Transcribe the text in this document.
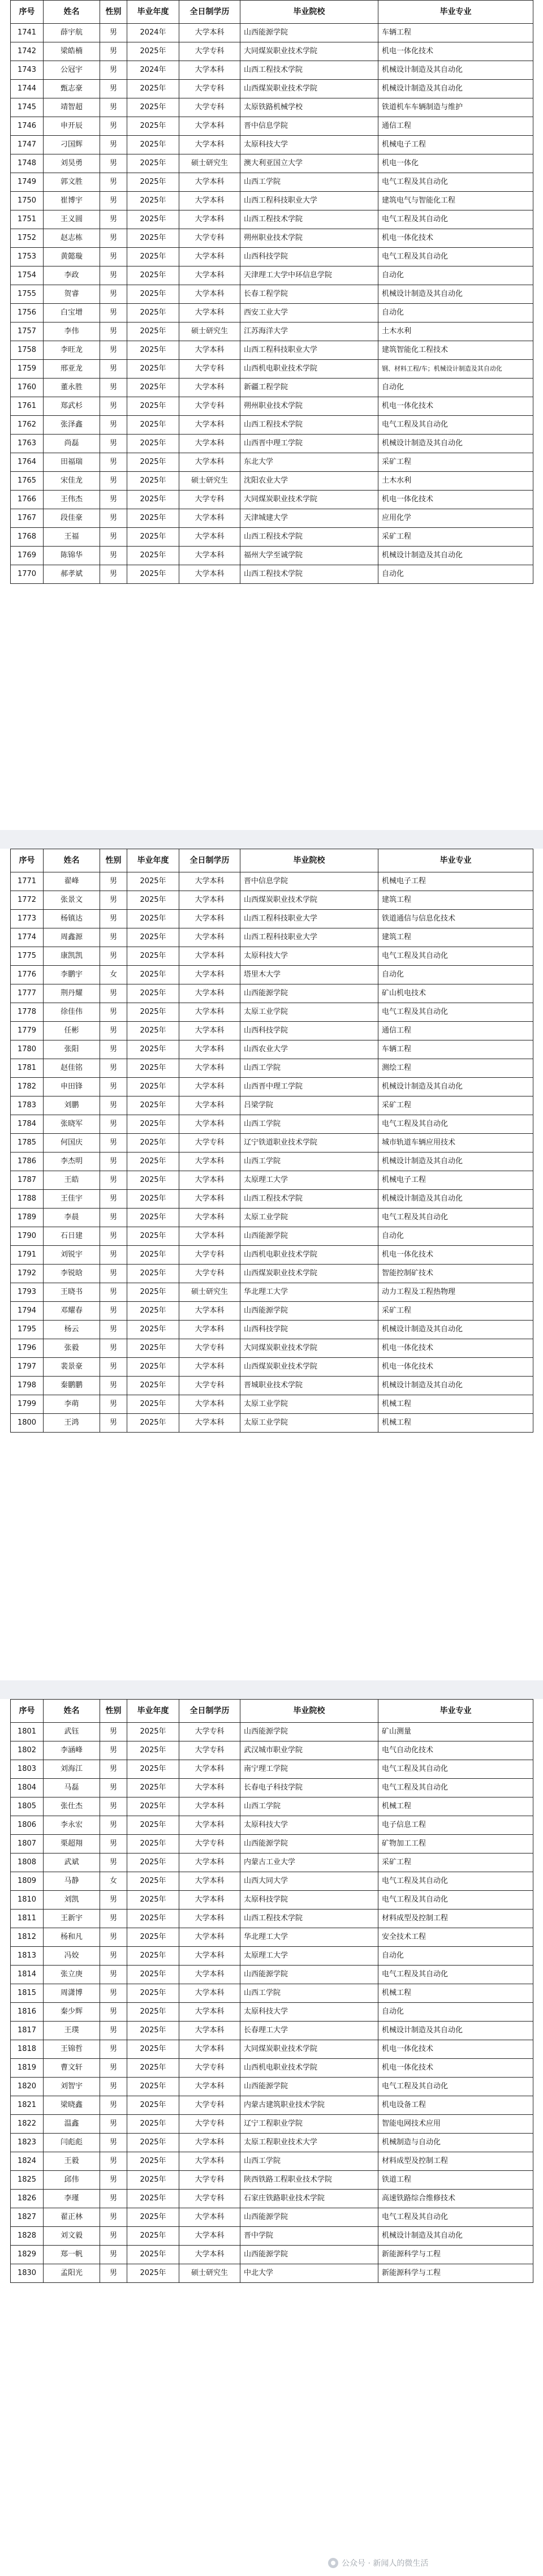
序号	姓名	性别	毕业年度	全日制学历	毕业院校	毕业专业
1741	薛宇航	男	2024年	大学本科	山西能源学院	车辆工程
1742	梁皓楠	男	2025年	大学专科	大同煤炭职业技术学院	机电一体化技术
1743	公冠宇	男	2024年	大学本科	山西工程技术学院	机械设计制造及其自动化
1744	甄志豪	男	2025年	大学专科	山西煤炭职业技术学院	机械设计制造及其自动化
1745	靖智超	男	2025年	大学专科	太原铁路机械学校	铁道机车车辆制造与维护
1746	申开辰	男	2025年	大学本科	晋中信息学院	通信工程
1747	刁国辉	男	2025年	大学本科	太原科技大学	机械电子工程
1748	刘昊勇	男	2025年	硕士研究生	澳大利亚国立大学	机电一体化
1749	郭文胜	男	2025年	大学本科	山西工学院	电气工程及其自动化
1750	崔博宇	男	2025年	大学本科	山西工程科技职业大学	建筑电气与智能化工程
1751	王义圆	男	2025年	大学本科	山西工程技术学院	电气工程及其自动化
1752	赵志栋	男	2025年	大学专科	朔州职业技术学院	机电一体化技术
1753	黄懿璇	男	2025年	大学本科	山西科技学院	电气工程及其自动化
1754	李政	男	2025年	大学本科	天津理工大学中环信息学院	自动化
1755	贺睿	男	2025年	大学本科	长春工程学院	机械设计制造及其自动化
1756	白宝增	男	2025年	大学本科	西安工业大学	自动化
1757	李伟	男	2025年	硕士研究生	江苏海洋大学	土木水利
1758	李旺龙	男	2025年	大学本科	山西工程科技职业大学	建筑智能化工程技术
1759	邢亚龙	男	2025年	大学专科	山西机电职业技术学院	钢、材料工程/车；机械设计制造及其自动化
1760	董永胜	男	2025年	大学本科	新疆工程学院	自动化
1761	郑武杉	男	2025年	大学专科	朔州职业技术学院	机电一体化技术
1762	张泽鑫	男	2025年	大学本科	山西工程技术学院	电气工程及其自动化
1763	尚磊	男	2025年	大学本科	山西晋中理工学院	机械设计制造及其自动化
1764	田福瑞	男	2025年	大学本科	东北大学	采矿工程
1765	宋佳龙	男	2025年	硕士研究生	沈阳农业大学	土木水利
1766	王伟杰	男	2025年	大学专科	大同煤炭职业技术学院	机电一体化技术
1767	段佳豪	男	2025年	大学本科	天津城建大学	应用化学
1768	王福	男	2025年	大学本科	山西工程技术学院	采矿工程
1769	陈锦华	男	2025年	大学本科	福州大学至诚学院	机械设计制造及其自动化
1770	郝孝斌	男	2025年	大学本科	山西工程技术学院	自动化
序号	姓名	性别	毕业年度	全日制学历	毕业院校	毕业专业
1771	翟峰	男	2025年	大学本科	晋中信息学院	机械电子工程
1772	张景文	男	2025年	大学本科	山西煤炭职业技术学院	建筑工程
1773	杨镇达	男	2025年	大学本科	山西工程科技职业大学	铁道通信与信息化技术
1774	周鑫源	男	2025年	大学本科	山西工程科技职业大学	建筑工程
1775	康凯凯	男	2025年	大学本科	太原科技大学	电气工程及其自动化
1776	李鹏宇	女	2025年	大学本科	塔里木大学	自动化
1777	荆丹耀	男	2025年	大学本科	山西能源学院	矿山机电技术
1778	徐佳伟	男	2025年	大学本科	太原工业学院	电气工程及其自动化
1779	任彬	男	2025年	大学本科	山西科技学院	通信工程
1780	张阳	男	2025年	大学本科	山西农业大学	车辆工程
1781	赵佳铭	男	2025年	大学本科	山西工学院	测绘工程
1782	申田锋	男	2025年	大学本科	山西晋中理工学院	机械设计制造及其自动化
1783	刘鹏	男	2025年	大学本科	吕梁学院	采矿工程
1784	张晓军	男	2025年	大学本科	山西工学院	电气工程及其自动化
1785	何国庆	男	2025年	大学专科	辽宁铁道职业技术学院	城市轨道车辆应用技术
1786	李杰明	男	2025年	大学本科	山西工学院	机械设计制造及其自动化
1787	王皓	男	2025年	大学本科	太原理工大学	机械电子工程
1788	王佳宇	男	2025年	大学本科	山西工程技术学院	机械设计制造及其自动化
1789	李晨	男	2025年	大学本科	太原工业学院	电气工程及其自动化
1790	石日建	男	2025年	大学本科	山西能源学院	自动化
1791	刘锐宇	男	2025年	大学专科	山西机电职业技术学院	机电一体化技术
1792	李锐晗	男	2025年	大学专科	山西煤炭职业技术学院	智能控制矿技术
1793	王晓书	男	2025年	硕士研究生	华北理工大学	动力工程及工程热物理
1794	邓耀春	男	2025年	大学本科	山西能源学院	采矿工程
1795	杨云	男	2025年	大学本科	山西科技学院	机械设计制造及其自动化
1796	张毅	男	2025年	大学专科	大同煤炭职业技术学院	机电一体化技术
1797	裴景豪	男	2025年	大学本科	山西煤炭职业技术学院	机电一体化技术
1798	秦鹏鹏	男	2025年	大学专科	晋城职业技术学院	机械设计制造及其自动化
1799	李萌	男	2025年	大学本科	太原工业学院	机械工程
1800	王鸿	男	2025年	大学本科	太原工业学院	机械工程
序号	姓名	性别	毕业年度	全日制学历	毕业院校	毕业专业
1801	武钰	男	2025年	大学专科	山西能源学院	矿山测量
1802	李涵峰	男	2025年	大学专科	武汉城市职业学院	电气自动化技术
1803	刘海江	男	2025年	大学本科	南宁理工学院	电气工程及其自动化
1804	马磊	男	2025年	大学本科	长春电子科技学院	电气工程及其自动化
1805	张仕杰	男	2025年	大学本科	山西工学院	机械工程
1806	李永宏	男	2025年	大学本科	太原科技大学	电子信息工程
1807	栗超翔	男	2025年	大学专科	山西能源学院	矿物加工工程
1808	武斌	男	2025年	大学本科	内蒙古工业大学	采矿工程
1809	马静	女	2025年	大学本科	山西大同大学	电气工程及其自动化
1810	刘凯	男	2025年	大学本科	太原科技学院	电气工程及其自动化
1811	王新宇	男	2025年	大学本科	山西工程技术学院	材料成型及控制工程
1812	杨和凡	男	2025年	大学本科	华北理工大学	安全技术工程
1813	冯姣	男	2025年	大学本科	太原理工大学	自动化
1814	张立庚	男	2025年	大学本科	山西能源学院	电气工程及其自动化
1815	周潇博	男	2025年	大学本科	山西工学院	机械工程
1816	秦少辉	男	2025年	大学本科	太原科技大学	自动化
1817	王璞	男	2025年	大学本科	长春理工大学	机械设计制造及其自动化
1818	王锦哲	男	2025年	大学本科	大同煤炭职业技术学院	机电一体化技术
1819	曹文轩	男	2025年	大学专科	山西机电职业技术学院	机电一体化技术
1820	刘智宇	男	2025年	大学本科	山西能源学院	电气工程及其自动化
1821	梁晓鑫	男	2025年	大学专科	内蒙古建筑职业技术学院	机电设备工程
1822	温鑫	男	2025年	大学专科	辽宁工程职业学院	智能电网技术应用
1823	闫彪彪	男	2025年	大学本科	太原工程职业技术大学	机械制造与自动化
1824	王毅	男	2025年	大学本科	山西工学院	材料成型及控制工程
1825	邱伟	男	2025年	大学专科	陕西铁路工程职业技术学院	铁道工程
1826	李瑾	男	2025年	大学专科	石家庄铁路职业技术学院	高速铁路综合维修技术
1827	翟正林	男	2025年	大学本科	山西能源学院	电气工程及其自动化
1828	刘文毅	男	2025年	大学本科	晋中学院	机械设计制造及其自动化
1829	郑一帆	男	2025年	大学本科	山西能源学院	新能源科学与工程
1830	孟阳光	男	2025年	硕士研究生	中北大学	新能源科学与工程
公众号 · 新闻人的微生活
